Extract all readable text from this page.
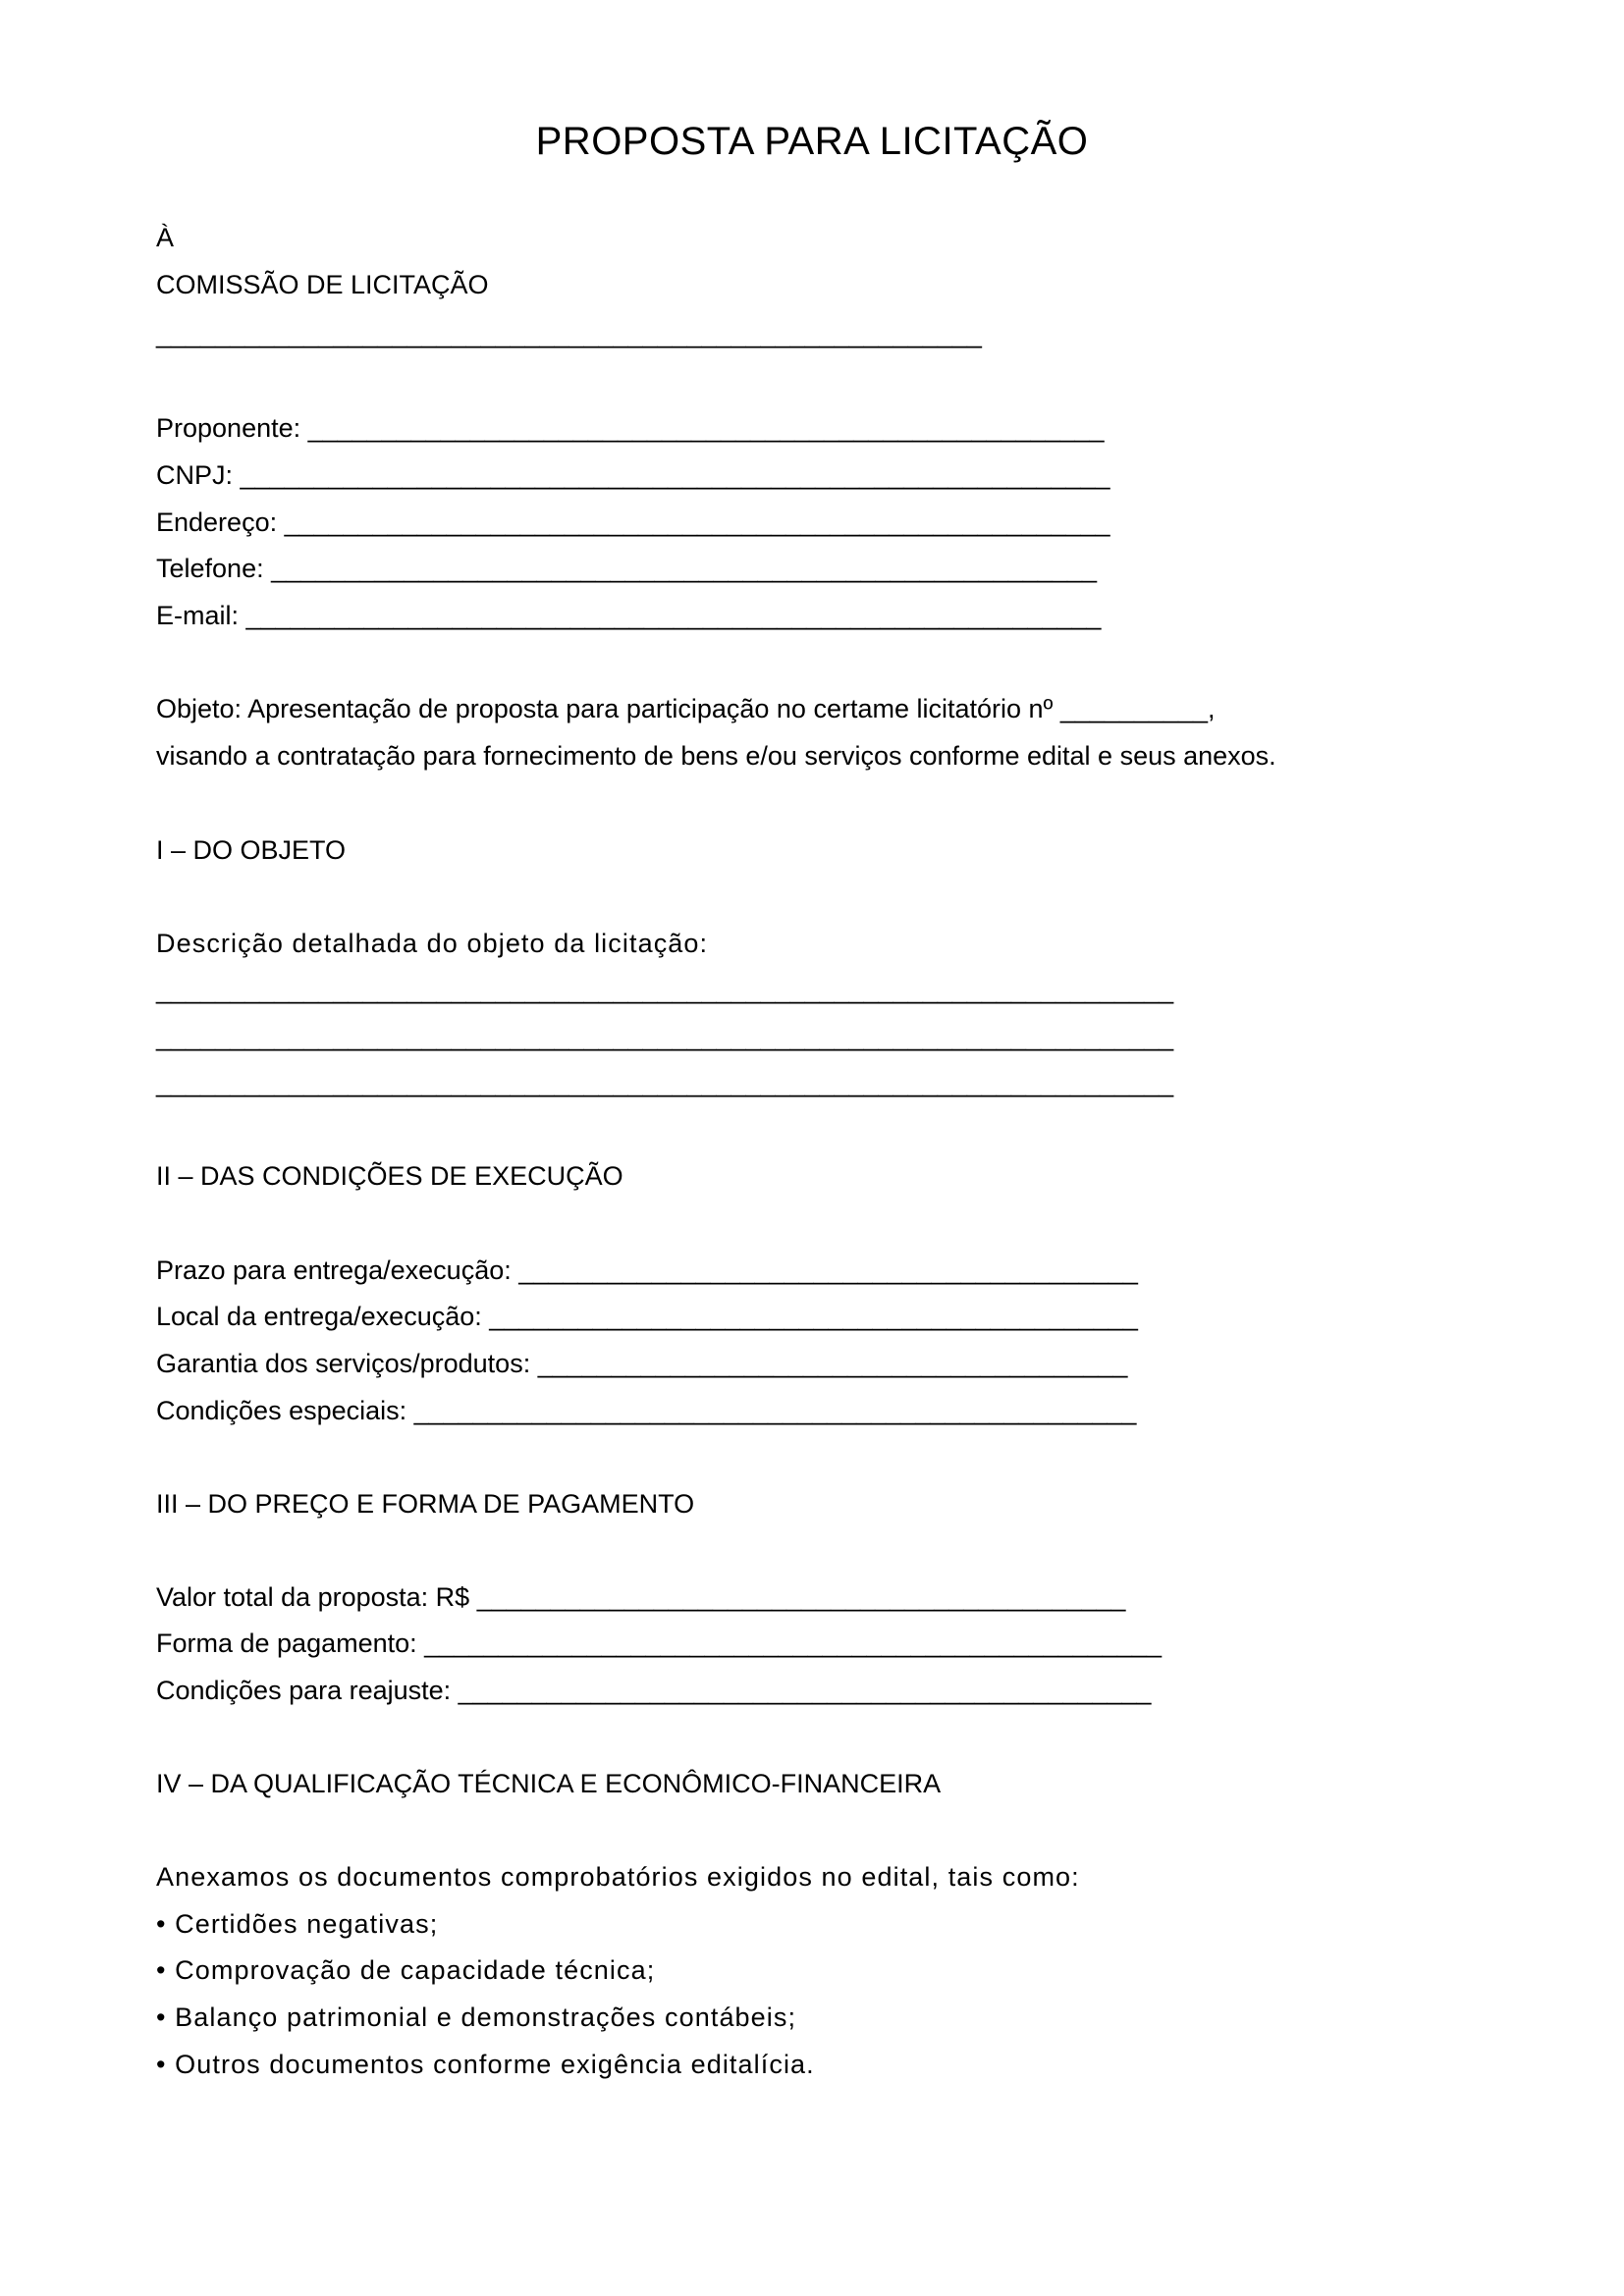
PROPOSTA PARA LICITAÇÃO
À
COMISSÃO DE LICITAÇÃO
________________________________________________________
Proponente: ______________________________________________________
CNPJ: ___________________________________________________________
Endereço: ________________________________________________________
Telefone: ________________________________________________________
E-mail: __________________________________________________________
Objeto: Apresentação de proposta para participação no certame licitatório nº __________,
visando a contratação para fornecimento de bens e/ou serviços conforme edital e seus anexos.
I – DO OBJETO
Descrição detalhada do objeto da licitação:
_____________________________________________________________________
_____________________________________________________________________
_____________________________________________________________________
II – DAS CONDIÇÕES DE EXECUÇÃO
Prazo para entrega/execução: __________________________________________
Local da entrega/execução: ____________________________________________
Garantia dos serviços/produtos: ________________________________________
Condições especiais: _________________________________________________
III – DO PREÇO E FORMA DE PAGAMENTO
Valor total da proposta: R$ ____________________________________________
Forma de pagamento: __________________________________________________
Condições para reajuste: _______________________________________________
IV – DA QUALIFICAÇÃO TÉCNICA E ECONÔMICO-FINANCEIRA
Anexamos os documentos comprobatórios exigidos no edital, tais como:
• Certidões negativas;
• Comprovação de capacidade técnica;
• Balanço patrimonial e demonstrações contábeis;
• Outros documentos conforme exigência editalícia.
